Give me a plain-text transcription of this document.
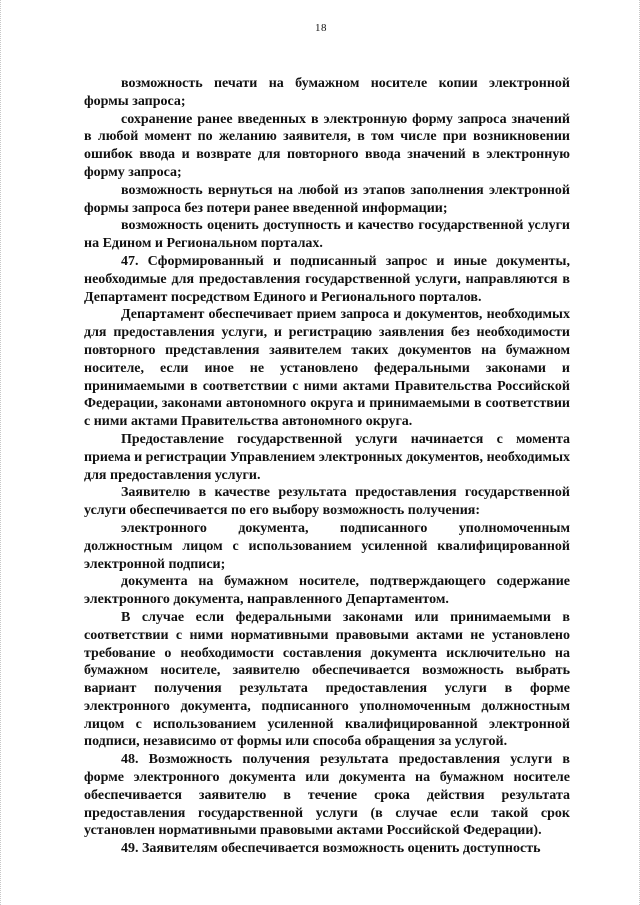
18

возможность печати на бумажном носителе копии электронной формы запроса;

сохранение ранее введенных в электронную форму запроса значений в любой момент по желанию заявителя, в том числе при возникновении ошибок ввода и возврате для повторного ввода значений в электронную форму запроса;

возможность вернуться на любой из этапов заполнения электронной формы запроса без потери ранее введенной информации;

возможность оценить доступность и качество государственной услуги на Едином и Региональном порталах.

47. Сформированный и подписанный запрос и иные документы, необходимые для предоставления государственной услуги, направляются в Департамент посредством Единого и Регионального порталов.

Департамент обеспечивает прием запроса и документов, необходимых для предоставления услуги, и регистрацию заявления без необходимости повторного представления заявителем таких документов на бумажном носителе, если иное не установлено федеральными законами и принимаемыми в соответствии с ними актами Правительства Российской Федерации, законами автономного округа и принимаемыми в соответствии с ними актами Правительства автономного округа.

Предоставление государственной услуги начинается с момента приема и регистрации Управлением электронных документов, необходимых для предоставления услуги.

Заявителю в качестве результата предоставления государственной услуги обеспечивается по его выбору возможность получения:

электронного документа, подписанного уполномоченным должностным лицом с использованием усиленной квалифицированной электронной подписи;

документа на бумажном носителе, подтверждающего содержание электронного документа, направленного Департаментом.

В случае если федеральными законами или принимаемыми в соответствии с ними нормативными правовыми актами не установлено требование о необходимости составления документа исключительно на бумажном носителе, заявителю обеспечивается возможность выбрать вариант получения результата предоставления услуги в форме электронного документа, подписанного уполномоченным должностным лицом с использованием усиленной квалифицированной электронной подписи, независимо от формы или способа обращения за услугой.

48. Возможность получения результата предоставления услуги в форме электронного документа или документа на бумажном носителе обеспечивается заявителю в течение срока действия результата предоставления государственной услуги (в случае если такой срок установлен нормативными правовыми актами Российской Федерации).

49. Заявителям обеспечивается возможность оценить доступность
